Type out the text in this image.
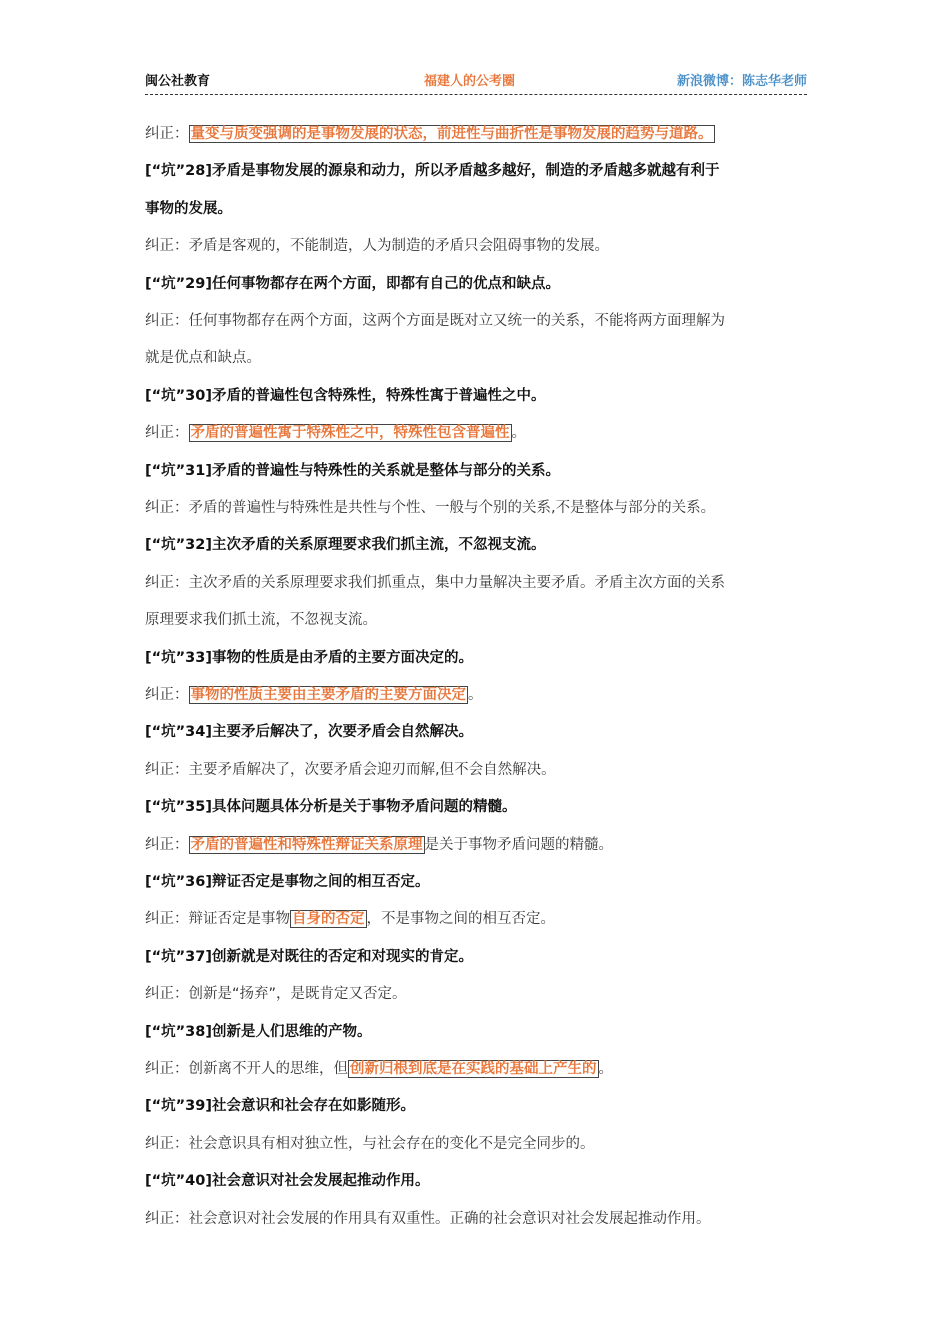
闽公社教育	福建人的公考圈	新浪微博：陈志华老师
纠正： 量变与质变强调的是事物发展的状态，前进性与曲折性是事物发展的趋势与道路。
[“坑”28]矛盾是事物发展的源泉和动力，所以矛盾越多越好，制造的矛盾越多就越有利于
事物的发展。
纠正：矛盾是客观的，不能制造，人为制造的矛盾只会阻碍事物的发展。
[“坑”29]任何事物都存在两个方面，即都有自己的优点和缺点。
纠正：任何事物都存在两个方面，这两个方面是既对立又统一的关系，不能将两方面理解为
就是优点和缺点。
[“坑”30]矛盾的普遍性包含特殊性，特殊性寓于普遍性之中。
纠正： 矛盾的普遍性寓于特殊性之中，特殊性包含普遍性 。
[“坑”31]矛盾的普遍性与特殊性的关系就是整体与部分的关系。
纠正：矛盾的普遍性与特殊性是共性与个性、一般与个别的关系,不是整体与部分的关系。
[“坑”32]主次矛盾的关系原理要求我们抓主流，不忽视支流。
纠正：主次矛盾的关系原理要求我们抓重点，集中力量解决主要矛盾。矛盾主次方面的关系
原理要求我们抓土流，不忽视支流。
[“坑”33]事物的性质是由矛盾的主要方面决定的。
纠正： 事物的性质主要由主要矛盾的主要方面决定 。
[“坑”34]主要矛后解决了，次要矛盾会自然解决。
纠正：主要矛盾解决了，次要矛盾会迎刃而解,但不会自然解决。
[“坑”35]具体问题具体分析是关于事物矛盾问题的精髓。
纠正： 矛盾的普遍性和特殊性辩证关系原理 是关于事物矛盾问题的精髓。
[“坑”36]辩证否定是事物之间的相互否定。
纠正：辩证否定是事物 自身的否定 ，不是事物之间的相互否定。
[“坑”37]创新就是对既往的否定和对现实的肯定。
纠正：创新是“扬弃”，是既肯定又否定。
[“坑”38]创新是人们思维的产物。
纠正：创新离不开人的思维，但 创新归根到底是在实践的基础上产生的 。
[“坑”39]社会意识和社会存在如影随形。
纠正：社会意识具有相对独立性，与社会存在的变化不是完全同步的。
[“坑”40]社会意识对社会发展起推动作用。
纠正：社会意识对社会发展的作用具有双重性。正确的社会意识对社会发展起推动作用。
